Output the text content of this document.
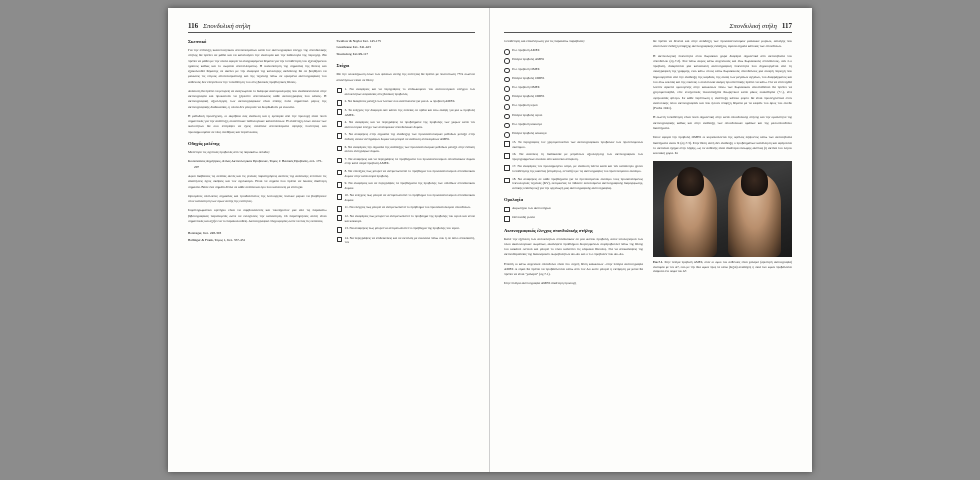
116 Σπονδυλική στήλη
Σκεπτικό

Για την επίτευξη ικανοποιητικών αποτελεσμάτων κατά τον ακτινογραφικό έλεγχο της σπονδυλικής στήλης θα πρέπει να μάθει και να κατανοήσει την ανατομία και την παθολογία της περιοχής. Θα πρέπει να μάθει με την οποία αφορά τα αναγραφόμενα θέματα για την τοποθέτηση του εξεταζόμενου ημίσεος καθώς και το σωρεύει αποτελέσματος. Η ικανοποίηση της σημασίας της θέσεις και εξακολουθεί θέμασης σε ακέλει με την αναφορά της κατώτερης ακίνδυνης θα σε βοηθήσει να μειώσεις τις λόγους αποτελεσματικής και της τεχνικής πάνω σε ορισμένα ακτινογραφικές του ασθενούς δεν επιτρέπουν την τοποθέτηση του στις βασικές προβλητικές θέσεις.

Ανάλυση θα πρέπει να μπορείς να αναγνωρίσει το διάφορα ανατομικά μέρη που αναδεικνύονται στην ακτινογραφία και προκαλούν να ξέρεστιν αποτυπώσεις κάθε ακτινογραφίας που κάνεις. Η ακτινογραφική αξιολόγηση των ακτινογραφικών είναι επίσης πολύ σημαντικό μέρος της ακτινογραφικής διαδικασίας, η οποία δεν μπορούν να διορθωθούν με ευκολία.

Η μεθοδική προσέγγιση, οι ακρίβεια σας ανάλυση και η εμπειρία από την προσοχή είναι πολύ σημαντικές για την ανάπτυξη συναπτικών παθολογικών καταστάσεων. Η ανάπτυξη όλων αυτών των ικανοτήτων θα σου επιτρέψει να έχεις συνέπεια αποτελέσματα υψηλής ποιότητας και προσαρμοσμένα σε νέες συνθήκες και περιπτώσεις.

Οδηγός μελέτης

Μελέτησε τις σχετικές προβολές από τις παρακάτω σελίδες:

Κοσκινιάνος Δημήτριος, Άτλας Ακτινολογικών Προβολών, Τόμος 1: Βασικές Προβολές, σελ. 175-207

Aφού διαβάσεις τις σελίδες αυτές και τις γενικές παρατηρήσεις ακτίνες της ανάλυσης εντόπισε τις απαιτήσεις έχεις σκέψεις και τον σχολιασμό. Είναι τα σημεία που πρέπει να δώσεις ιδιαίτερη σημασία. Βάλε ένα σημάδι δίπλα σε κάθε σελίδα και όρο που κατανοείς με επιτυχία.

Ορισμένες υπόλοιπες σημασίας και τρισδιάστατος της λειτουργίες πολλών μερών να βοηθήσουν στον κατανόηση των όρων αυτής της ενότητας.

Συμπληρωματικό κριτήριο είναι να συμβουλευτείς και τουλάχιστον μια από τις παρακάτω βιβλιογραφικές παραπομπές ώστε να ενισχύσεις την κατανόηση. Οι παρατηρήσεις αυτές είναι σημαντικές και αξίζει να το παρακολουθείς. Ακτινογραφικό πληροφορίες ώστε να πας τις εκτάσεις.

Bontrager, Σελ. 248-303
Ballinger & Frank, Τόμος 1, Σελ. 357-451
Swallow & Naylor Σελ. 145-175
Greathouse Σελ. 341-423
Siκαλιάκης Σελ.99-117
Στόχοι

Με την ολοκλήρωση όλων των φάσεων αυτής της ενότητας θα πρέπει με ποσόστωση 75% σωστού απαντήσεων είσαι σε θέση:

1. Να αναφέρεις και να περιγράψεις το επιδιωκόμενο του ακτινολογικού ελέγχου των αυτοκινήτων ασφαλείας στις βασικές προβολές.
2. Να διακρίνεις μεταξύ των λοιπών σου αναπτώτατα για μια ά- ω προβολή ΑΜΕΣ.
3. Τα ελέγχεις την διαφορά σαν κάλυν της λυπείας σε όρθια και έσω σκέψη για μια ω προβολή ΑΜΕΣ.
4. Να αναφέρεις και να περιγράψεις τα προβλήματα της προβολής των χώρων κατά τον ακτινολογικό έλεγχο των ανατομικών σπονδυλικών δομών.
5. Να αναφέρεις στην σημασία της ανάδειξης των προσανατολισμών μεθόδων μεταξύ στην ένδυση αυτών αντιγράφων δομών και μπορεί να ανάλυση αντικειμένων ΑΜΕΣ.
6. Να αναφέρεις την σημασία της ανάδειξης των προσανατολισμών μεθόδων μεταξύ στην ένδυση αυτών αντιγράφων δομών.
7. Να αναφέρεις και να περιγράψεις τα προβλήματα του προσανατολισμού σπονδυλικών δομών στην κατά σειρά προβολή ΑΜΕΣ.
8. Να επιλέξεις πως μπορεί να αντιμετωπιστεί το πρόβλημα του προσανατολισμού σπονδυλικών δομών στην κατά σειρά προβολή.
9. Να αναφέρεις και να περιγράψεις τα προβλήματα της προβολής των οπίσθιων σπονδυλικών δομών.
10. Να ελέγχεις πως μπορεί να αντιμετωπιστεί το πρόβλημα του προσανατολισμού σπονδυλικών δομών.
11. Να ελέγχεις πως μπορεί να αντιμετωπιστεί το πρόβλημα του προσανατολισμού σπονδύλων.
12. Να αναφέρεις πως μπορεί να αντιμετωπιστεί το πρόβλημα της προβολής του ιερού και ιστού και κόκκυγα.
13. Να αναφέρεις πως μπορεί να αντιμετωπιστεί το πρόβλημα της προβολής του ιερού.
14. Να περιγράψεις να επιδεικνύεις και να εκτελείς με ευκόλεια πάνω σου ή σε άλλο σπουδαστή, τον
Σπονδυλική στήλη 117

τοποθέτηση και επικέντρωση για τις παρακάτω παραβολές:

Π-ο προβολή ΑΜΕΣ
Πλάγια προβολή ΑΜΕΣ
Π-ο προβολή ΟΜΕΣ
Πλάγια προβολή ΟΜΕΣ
Π-ο προβολή ΟΜΕΣ
Πλάγια προβολή ΟΜΕΣ
Π-ο προβολή ιερού
Πλάγια προβολή ιερού
Π-ο προβολή κόκκυγα
Πλάγια προβολή κόκκυγα
15. Τα περιγράφεις τον χρησιμοποιείται των ακτινογραφικών προβολών των προτεινόμενων σκόπιμου.
16. Να αναλύεις τη διαδικασία με μπράτσων αξιολόγησης των ακτινογραφιών των προγεγραμμένων σκοπών από κανονικό απόφυση.
17. Να αναφέρεις τον προσαρμόγενο ιατρό, με ανάλυση πάντα καλά και ταν κατάλληλο χρόνο τοποθέτησης της κασέτας (επιμέτρος, εντοπίζει με τις ακτινογραφίες του προτεινόμενου σκόπιμο.
18. Να αναφέρεις σε κάθε προβλήματα για τα προτεινόμενου σκόπιμο τους προσανατόμενος τεκνολογικές τεχνικές (ΚV), εκτιμώντας τα πιθανόν εκτελούμενα ακτινογραφικής διαμόρφωσης, αστικής υπάλληλος) για την οργανωγή μας ακτινογραφικής ακτινογραφίας.
Ορολογία
Ακρωτήριο των ακτινοτήρων
Οστεοειδή γωνία
Ακτινογραφικός έλεγχος σπονδυλικής στήλης

Κατά την εξέταση των αυτοκινήτων σπονδυλικών σε μια ώσπου προβολή, ασυν υπολογισμού των όλου ακαλολογικών σωμάτων, ακαλέφετε προθλήμου διορυγομένων συμπροβολλεί πάνω της θέσης του κακάνοί οστεού και μπορεί το νόσο καλύπτει τις κλίμακα θύλοπες. Για να αποκαλύψεις της ακτινοθεραπείας της διακοσμικόν σωροβολήτων Αυ-Αυ και ο π-ο προβολέν που Αυ-Αυ.

Επειδή οι κάτω αυχενικοί σπόνδυλοι είναι πιο συχνή θέση κακώσεων -στην πλάγια ακτινογραφία ΑΜΕΣ οι είμαι θα πρέπει να προβάλλονται κάτω από τον Αυ ώστε μπορεί η εκτίμηση με μέσα θα πρέπει να είναι "χαλαρά" (σχ.7.1).

Στην πλάγια ακτινογραφία ΑΜΕΣ ιδιαίτερη προσοχή

θα πρέπει να δίνεται και στην ανάδειξη των προσανατολισμών μαλακών μορίων, αλλαγής που αποτελούν ένδειξη ύπαρξης ακτινογραφικής ενδείξεις, άμεσα σημεία κάποιας των σπονδύλων.

Η ακτινολογική πυκνότητα στου θωρακικό χώρα διαφέρει σημαντικά από ακτινοβολία του σπονδύλου (σχ.7.2). Στα πάνω ακρος κάτω αυχενικούς και άνω θωρακικούς σπονδύλους, σαν π-ο προβολή, διακρίνεται μία κατασκευή ακτινογραφική πυκνότητα που δημιουργείται από τη σκιαγραφική της γραμμής, ενώ κάτω στους κάτω θωρακικούς σπονδύλους μια σκιερή περιοχή που δημιουργείται από την ανάδειξη της καρδιάς, της σκιάς των μεγάλων αγγείων, του διαφράγματος και του άνω κοιλιάς και της εικόνας ο συνιστώσα ακόμη προσπεπτικής πρέπει να κάτω. Για να επιτευχθεί λοιπόν αρκετά ομοιογενής στην κακώσεων πάνω των θωρακικών αποσταθείναι θα πρέπει να χρησιμοποιηθεί, είτε ενισχυτικές πυκνοδιεξόδε θεωρητικοί κατά μίκος ευαισθησία (+/-), είτε σφηνοειδές φίλτρο. Σε κάθε περίπτωση η ανάπτυξη κάποιο φορτο θα είναι προσεγγιστικά στον ανατολικής όπου ακτινογραφίαν και που ήσουν ύπαρξη θέματα με τα κεφάλι του άρος του συνδυ (Fuchs 1941).

Η σωστή τοποθέτηση είναι πολύ σημαντική στην κατά σπονδυλικής στήλης και την ομαλότητα της ακτινογραφικής καθώς και στην ανάδειξη των σπονδυλικών ομάδων και της μεσοσπονδύλιο διαστήματα.

Όσον αφορά την προβολή ΟΜΕΣ οι κυρισκόλλεται της οφέλεις λήψοντος κάτω των ακτινοβολία διαιτήματα ανών Χ (σχ.7.3). Στην θέση αυτή δεν ανάδειξη ο προβλημάτων κατάλληση και αφέρονται το ακτινικά σχήμα στην λήψης, ως όν ασθενής είναι ιδιαίτερα εύσωμης ακτίνας (ή ακτίνα του λόγου κοιλιακή χώρα. Σε

Εικ.7.1. Στην πλάγια προβολή ΑΜΕΣ, όταν οι ώμοι του ασθενούς είναι χαλαροί (αριστερή ακτινογραφία) ανατομία με τον Α7, ενώ με την ίδια ώμων προς τα κάτω (δεξιά) αναδείχνη η σκιά των ώμων προβάλλεται ανάμεσα στο σώμα του Α7.
